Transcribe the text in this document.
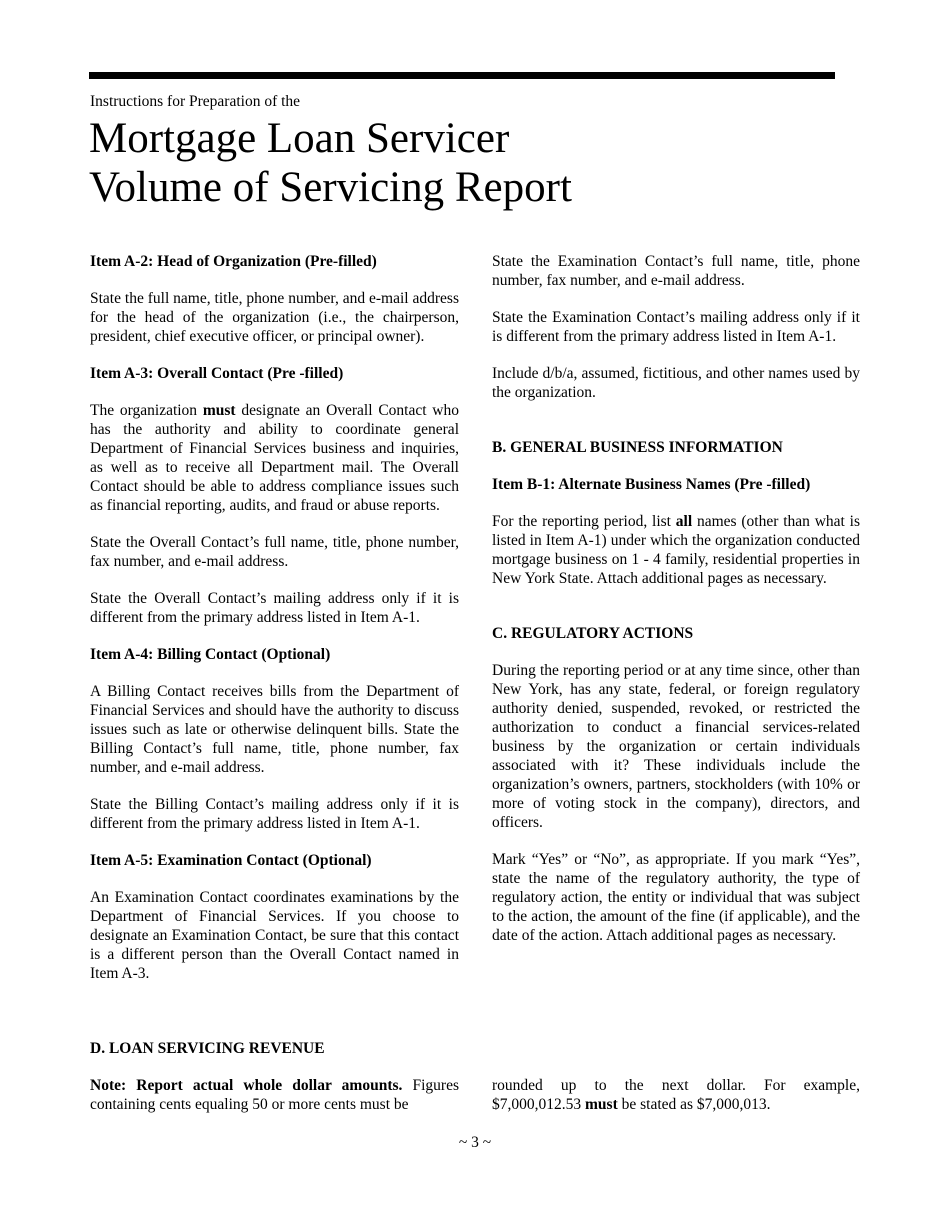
Instructions for Preparation of the
Mortgage Loan Servicer
Volume of Servicing Report
Item A-2: Head of Organization (Pre-filled)

State the full name, title, phone number, and e-mail address for the head of the organization (i.e., the chairperson, president, chief executive officer, or principal owner).

Item A-3: Overall Contact (Pre -filled)

The organization must designate an Overall Contact who has the authority and ability to coordinate general Department of Financial Services business and inquiries, as well as to receive all Department mail. The Overall Contact should be able to address compliance issues such as financial reporting, audits, and fraud or abuse reports.

State the Overall Contact’s full name, title, phone number, fax number, and e-mail address.

State the Overall Contact’s mailing address only if it is different from the primary address listed in Item A-1.

Item A-4: Billing Contact (Optional)

A Billing Contact receives bills from the Department of Financial Services and should have the authority to discuss issues such as late or otherwise delinquent bills. State the Billing Contact’s full name, title, phone number, fax number, and e-mail address.

State the Billing Contact’s mailing address only if it is different from the primary address listed in Item A-1.

Item A-5: Examination Contact (Optional)

An Examination Contact coordinates examinations by the Department of Financial Services. If you choose to designate an Examination Contact, be sure that this contact is a different person than the Overall Contact named in Item A-3.

State the Examination Contact’s full name, title, phone number, fax number, and e-mail address.

State the Examination Contact’s mailing address only if it is different from the primary address listed in Item A-1.

Include d/b/a, assumed, fictitious, and other names used by the organization.

B. GENERAL BUSINESS INFORMATION
Item B-1: Alternate Business Names (Pre -filled)

For the reporting period, list all names (other than what is listed in Item A-1) under which the organization conducted mortgage business on 1 - 4 family, residential properties in New York State. Attach additional pages as necessary.

C. REGULATORY ACTIONS

During the reporting period or at any time since, other than New York, has any state, federal, or foreign regulatory authority denied, suspended, revoked, or restricted the authorization to conduct a financial services-related business by the organization or certain individuals associated with it? These individuals include the organization’s owners, partners, stockholders (with 10% or more of voting stock in the company), directors, and officers.

Mark “Yes” or “No”, as appropriate. If you mark “Yes”, state the name of the regulatory authority, the type of regulatory action, the entity or individual that was subject to the action, the amount of the fine (if applicable), and the date of the action. Attach additional pages as necessary.

D. LOAN SERVICING REVENUE

Note: Report actual whole dollar amounts. Figures containing cents equaling 50 or more cents must be

rounded up to the next dollar. For example,
$7,000,012.53 must be stated as $7,000,013.

~ 3 ~
